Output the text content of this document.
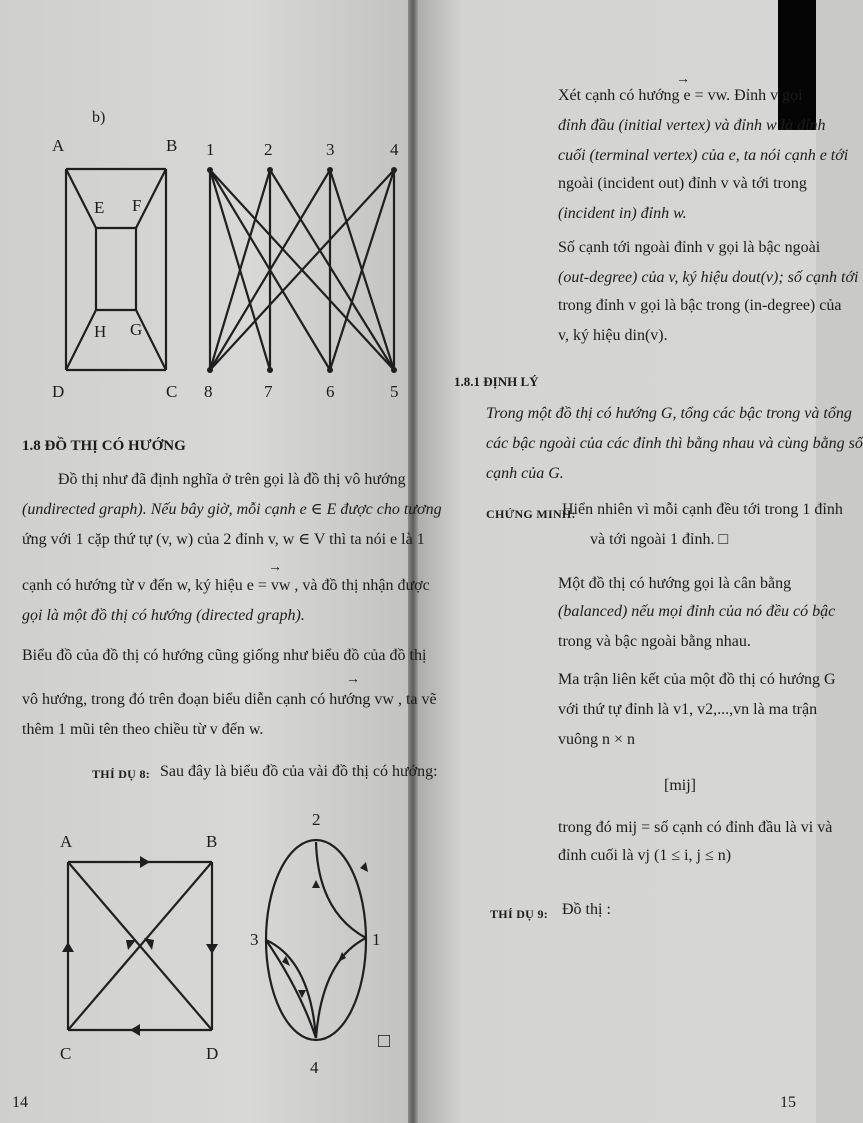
b)
A	B
D	C
E F
H G
1	2	3	4
8	7	6	5
1.8 ĐỒ THỊ CÓ HƯỚNG
Đồ thị như đã định nghĩa ở trên gọi là đồ thị vô hướng
(undirected graph). Nếu bây giờ, mỗi cạnh e ∈ E được cho tương
ứng với 1 cặp thứ tự (v, w) của 2 đỉnh v, w ∈ V thì ta nói e là 1
→
cạnh có hướng từ v đến w, ký hiệu e = vw , và đồ thị nhận được
gọi là một đồ thị có hướng (directed graph).
Biểu đồ của đồ thị có hướng cũng giống như biểu đồ của đồ thị
→
vô hướng, trong đó trên đoạn biểu diễn cạnh có hướng vw , ta vẽ
thêm 1 mũi tên theo chiều từ v đến w.
THÍ DỤ 8: Sau đây là biểu đồ của vài đồ thị có hướng:
A	B
C	D
2
3	1
4
□
14
→
Xét cạnh có hướng e = vw. Đỉnh v gọi
đỉnh đầu (initial vertex) và đỉnh w là đỉnh
cuối (terminal vertex) của e, ta nói cạnh e tới
ngoài (incident out) đỉnh v và tới trong
(incident in) đỉnh w.
Số cạnh tới ngoài đỉnh v gọi là bậc ngoài
(out-degree) của v, ký hiệu dout(v); số cạnh tới
trong đỉnh v gọi là bậc trong (in-degree) của
v, ký hiệu din(v).
1.8.1 ĐỊNH LÝ
Trong một đồ thị có hướng G, tổng các bậc trong và tổng
các bậc ngoài của các đỉnh thì bằng nhau và cùng bằng số
cạnh của G.
CHỨNG MINH:
Hiển nhiên vì mỗi cạnh đều tới trong 1 đỉnh
và tới ngoài 1 đỉnh. □
Một đồ thị có hướng gọi là cân bằng
(balanced) nếu mọi đỉnh của nó đều có bậc
trong và bậc ngoài bằng nhau.
Ma trận liên kết của một đồ thị có hướng G
với thứ tự đỉnh là v1, v2,...,vn là ma trận
vuông n × n
[mij]
trong đó mij = số cạnh có đỉnh đầu là vi và
đỉnh cuối là vj (1 ≤ i, j ≤ n)
THÍ DỤ 9: Đồ thị :
15
